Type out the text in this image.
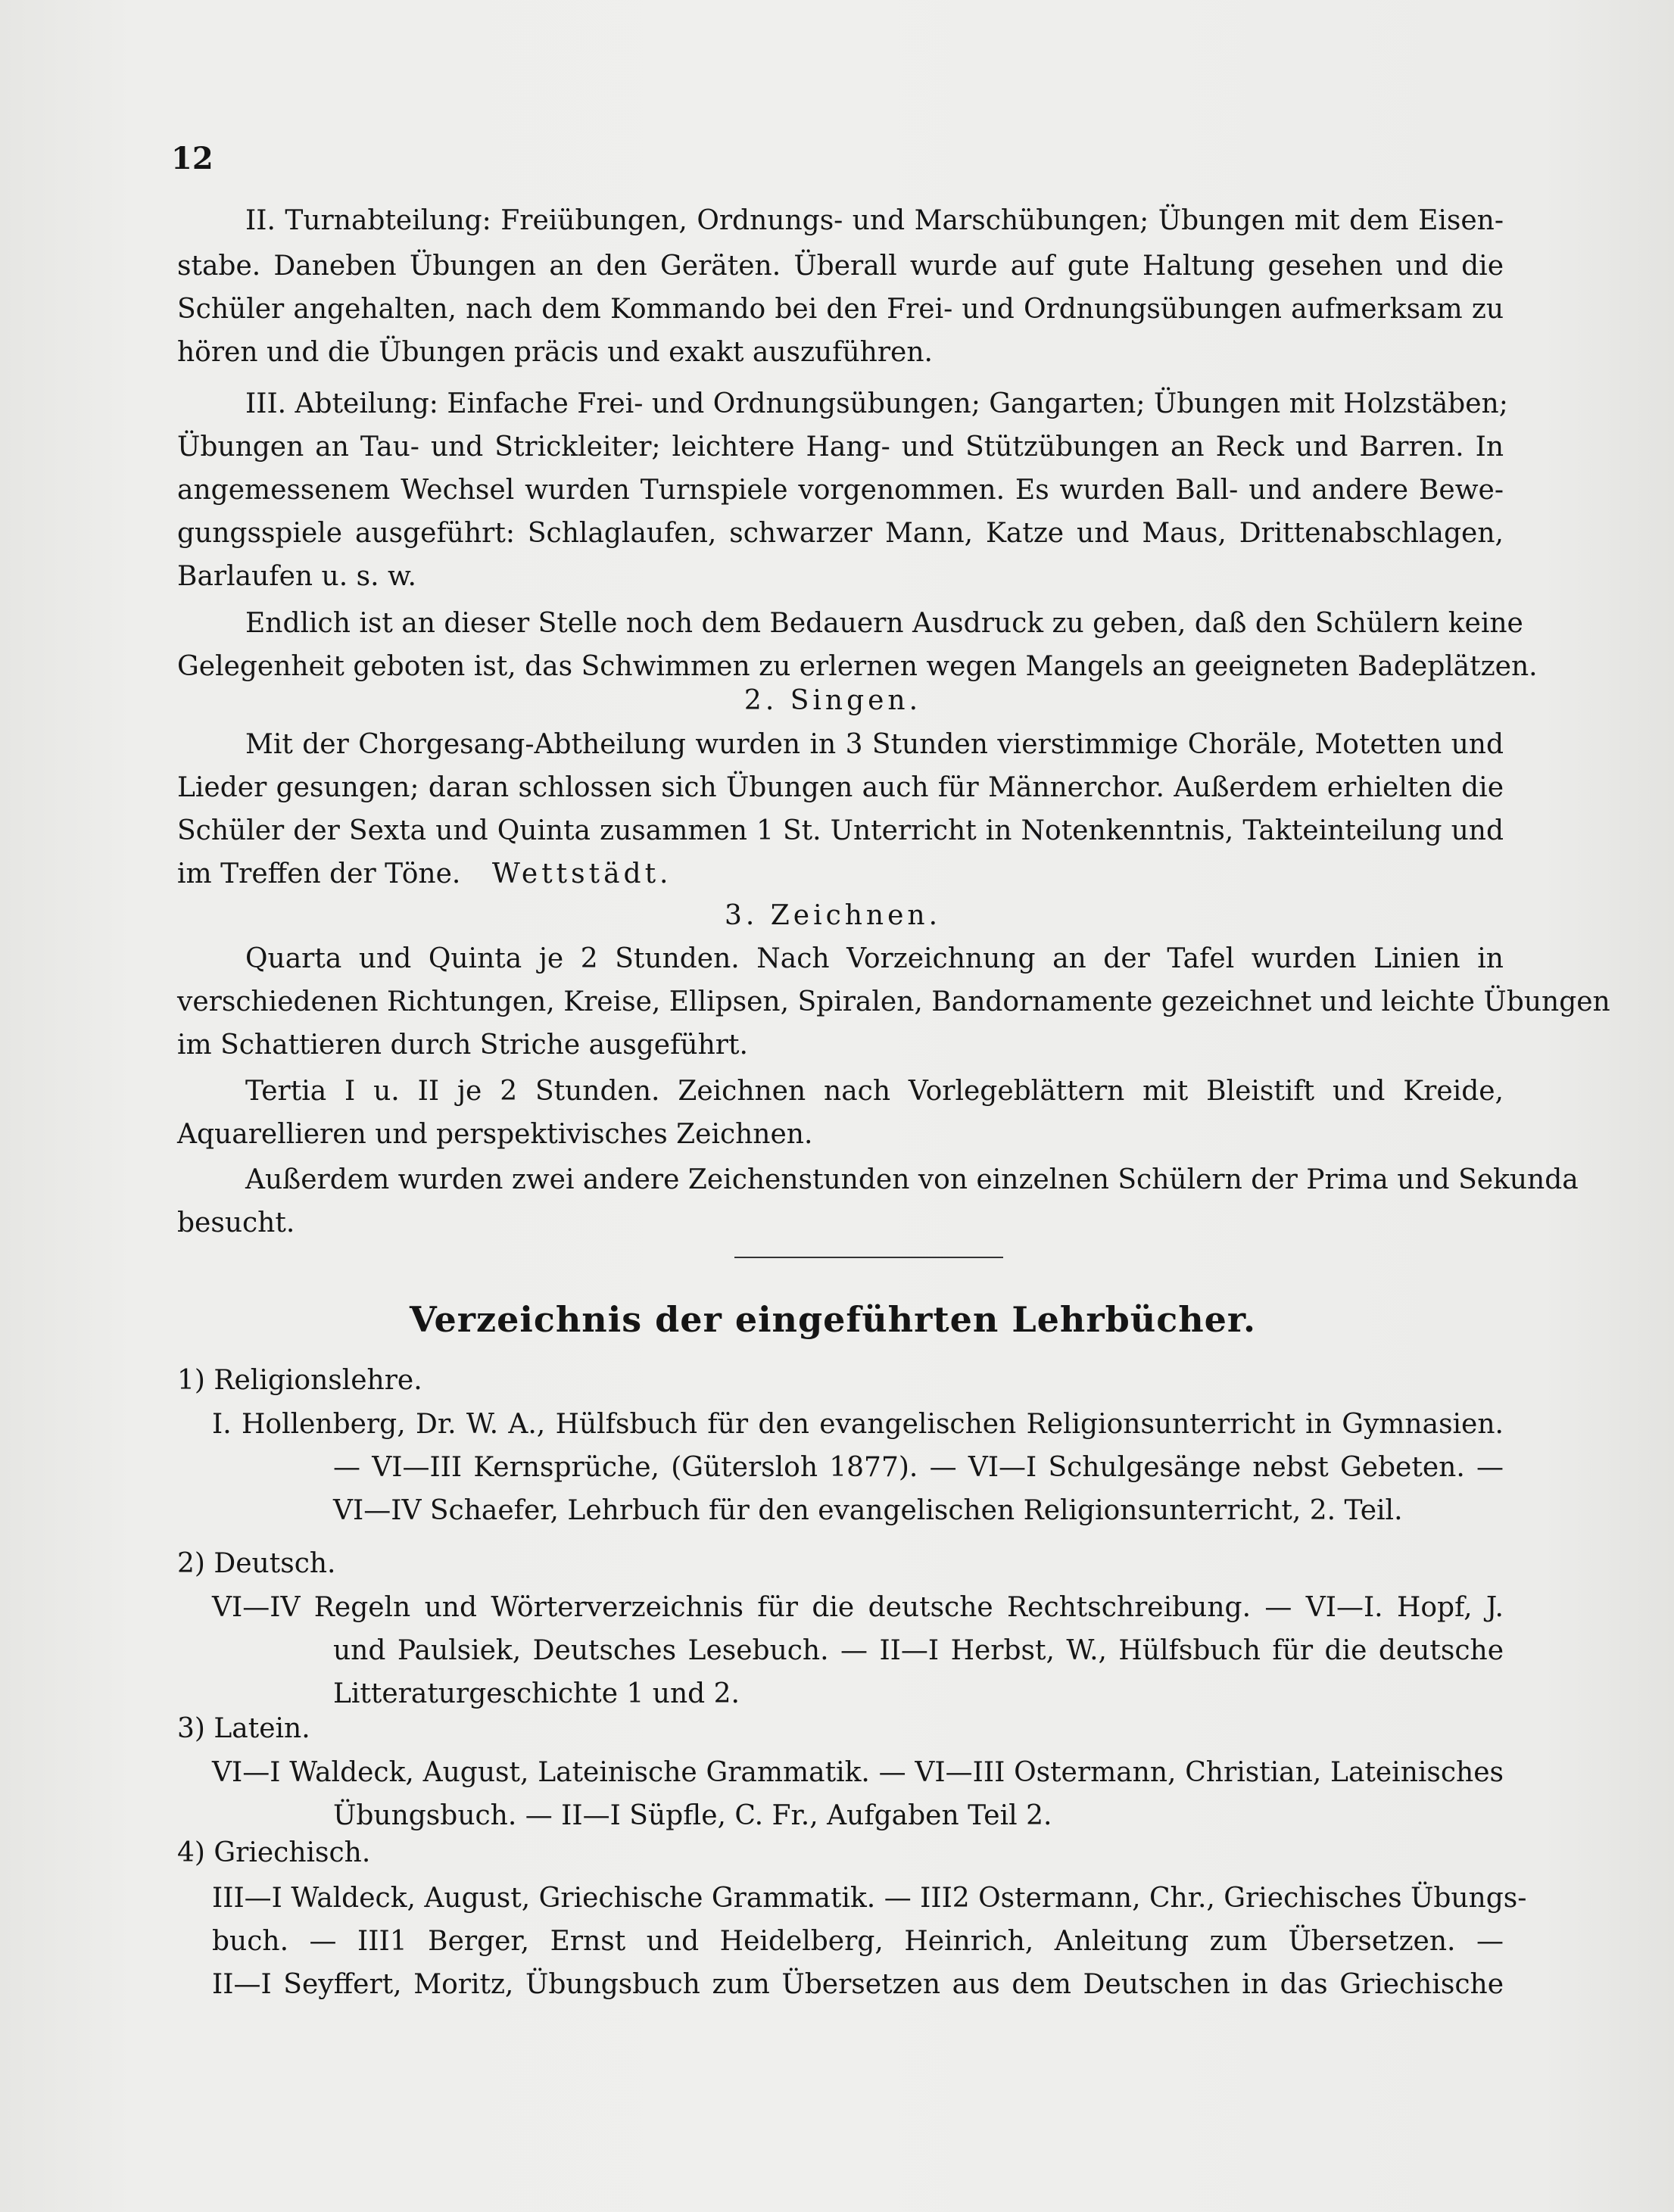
12

II. Turnabteilung: Freiübungen, Ordnungs- und Marschübungen; Übungen mit dem Eisen-

stabe. Daneben Übungen an den Geräten. Überall wurde auf gute Haltung gesehen und die

Schüler angehalten, nach dem Kommando bei den Frei- und Ordnungsübungen aufmerksam zu

hören und die Übungen präcis und exakt auszuführen.

III. Abteilung: Einfache Frei- und Ordnungsübungen; Gangarten; Übungen mit Holzstäben;

Übungen an Tau- und Strickleiter; leichtere Hang- und Stützübungen an Reck und Barren. In

angemessenem Wechsel wurden Turnspiele vorgenommen. Es wurden Ball- und andere Bewe-

gungsspiele ausgeführt: Schlaglaufen, schwarzer Mann, Katze und Maus, Drittenabschlagen,

Barlaufen u. s. w.

Endlich ist an dieser Stelle noch dem Bedauern Ausdruck zu geben, daß den Schülern keine

Gelegenheit geboten ist, das Schwimmen zu erlernen wegen Mangels an geeigneten Badeplätzen.

2. Singen.

Mit der Chorgesang-Abtheilung wurden in 3 Stunden vierstimmige Choräle, Motetten und

Lieder gesungen; daran schlossen sich Übungen auch für Männerchor. Außerdem erhielten die

Schüler der Sexta und Quinta zusammen 1 St. Unterricht in Notenkenntnis, Takteinteilung und

im Treffen der Töne. Wettstädt.

3. Zeichnen.

Quarta und Quinta je 2 Stunden. Nach Vorzeichnung an der Tafel wurden Linien in

verschiedenen Richtungen, Kreise, Ellipsen, Spiralen, Bandornamente gezeichnet und leichte Übungen

im Schattieren durch Striche ausgeführt.

Tertia I u. II je 2 Stunden. Zeichnen nach Vorlegeblättern mit Bleistift und Kreide,

Aquarellieren und perspektivisches Zeichnen.

Außerdem wurden zwei andere Zeichenstunden von einzelnen Schülern der Prima und Sekunda

besucht.

Verzeichnis der eingeführten Lehrbücher.

1) Religionslehre.

I. Hollenberg, Dr. W. A., Hülfsbuch für den evangelischen Religionsunterricht in Gymnasien.

— VI—III Kernsprüche, (Gütersloh 1877). — VI—I Schulgesänge nebst Gebeten. —

VI—IV Schaefer, Lehrbuch für den evangelischen Religionsunterricht, 2. Teil.

2) Deutsch.

VI—IV Regeln und Wörterverzeichnis für die deutsche Rechtschreibung. — VI—I. Hopf, J.

und Paulsiek, Deutsches Lesebuch. — II—I Herbst, W., Hülfsbuch für die deutsche

Litteraturgeschichte 1 und 2.

3) Latein.

VI—I Waldeck, August, Lateinische Grammatik. — VI—III Ostermann, Christian, Lateinisches

Übungsbuch. — II—I Süpfle, C. Fr., Aufgaben Teil 2.

4) Griechisch.

III—I Waldeck, August, Griechische Grammatik. — III2 Ostermann, Chr., Griechisches Übungs-

buch. — III1 Berger, Ernst und Heidelberg, Heinrich, Anleitung zum Übersetzen. —

II—I Seyffert, Moritz, Übungsbuch zum Übersetzen aus dem Deutschen in das Griechische
